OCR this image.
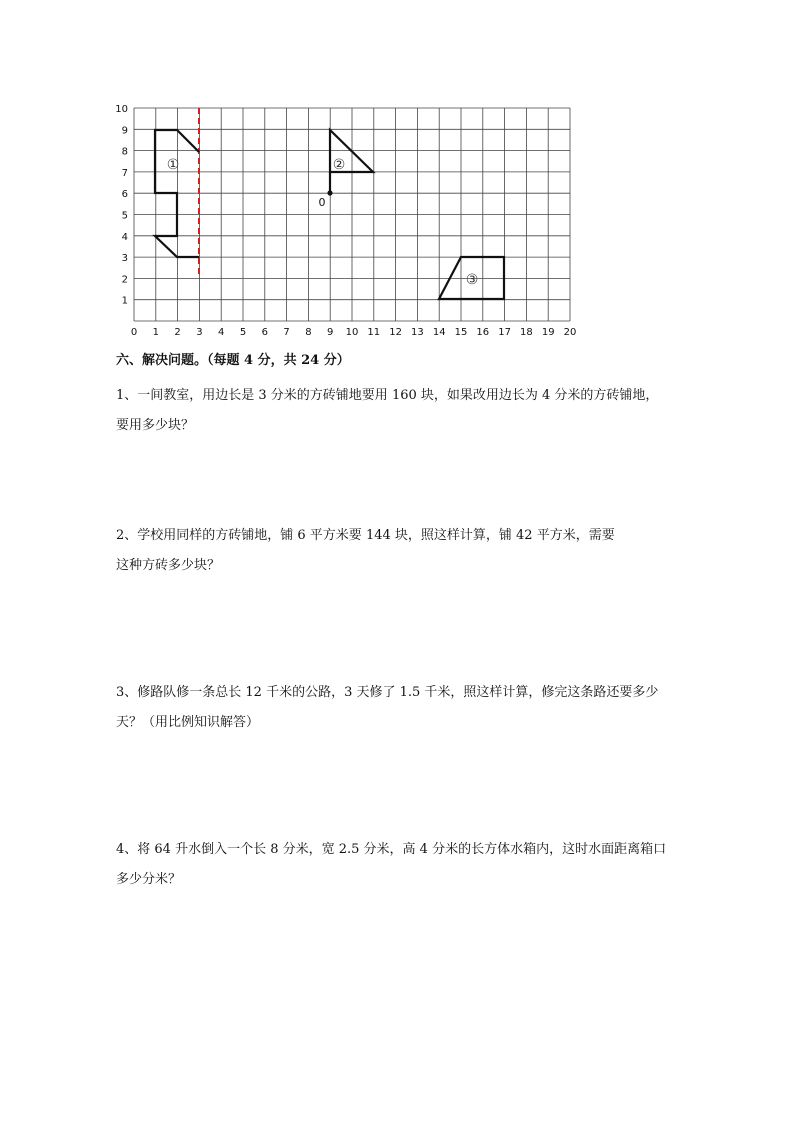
0 1 2 3 4 5 6 7 8 9 10 11 12 13 14 15 16 17 18 19 20
1
2
3
4
5
6
7
8
9
10
①	②
③
0
六、解决问题。（每题 4 分，共 24 分）

1、一间教室，用边长是 3 分米的方砖铺地要用 160 块，如果改用边长为 4 分米的方砖铺地，

要用多少块？

2、学校用同样的方砖铺地，铺 6 平方米要 144 块，照这样计算，铺 42 平方米，需要

这种方砖多少块？

3、修路队修一条总长 12 千米的公路，3 天修了 1.5 千米，照这样计算，修完这条路还要多少

天？（用比例知识解答）

4、将 64 升水倒入一个长 8 分米，宽 2.5 分米，高 4 分米的长方体水箱内，这时水面距离箱口

多少分米？
